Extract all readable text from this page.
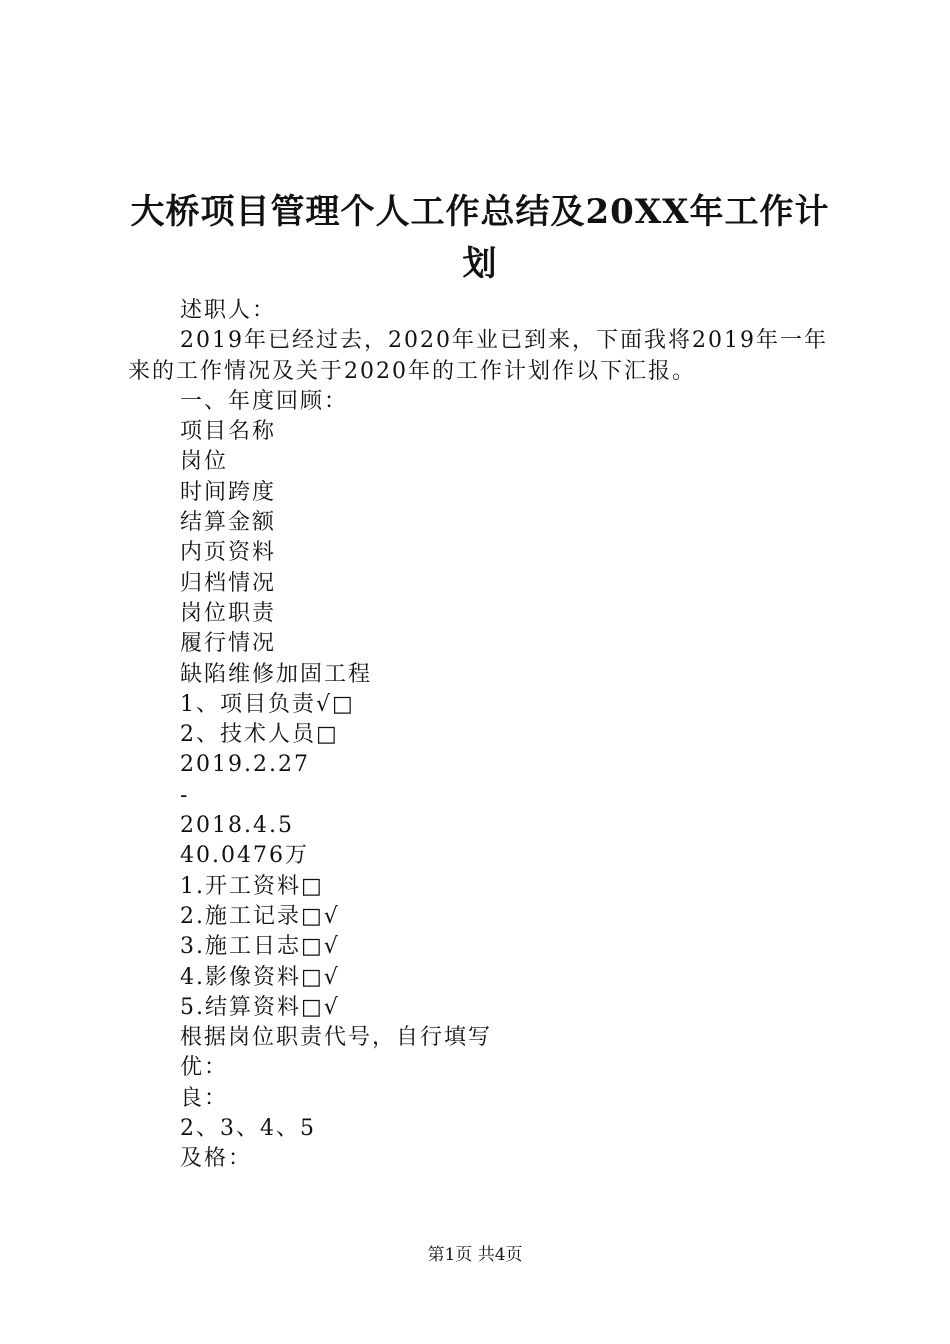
大桥项目管理个人工作总结及20XX年工作计划

述职人：

2019年已经过去，2020年业已到来，下面我将2019年一年来的工作情况及关于2020年的工作计划作以下汇报。

一、年度回顾：

项目名称

岗位

时间跨度

结算金额

内页资料

归档情况

岗位职责

履行情况

缺陷维修加固工程

1、项目负责√□

2、技术人员□

2019.2.27

-

2018.4.5

40.0476万

1.开工资料□

2.施工记录□√

3.施工日志□√

4.影像资料□√

5.结算资料□√

根据岗位职责代号，自行填写

优：

良：

2、3、4、5

及格：

第1页 共4页
